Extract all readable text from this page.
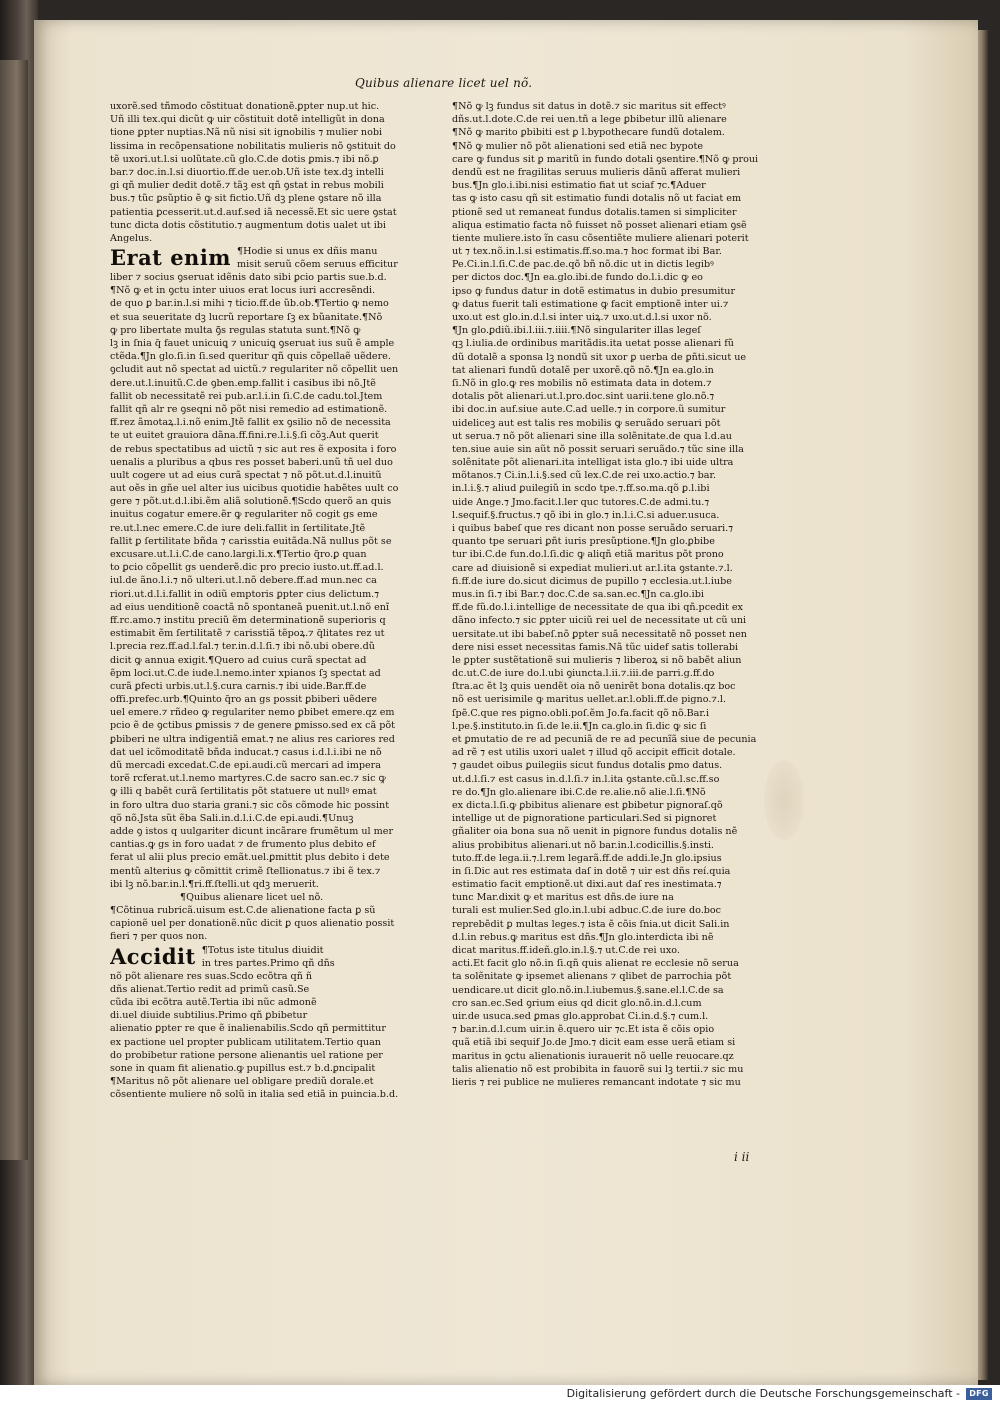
Quibus alienare licet uel nõ.
uxorẽ.sed tñmodo cõstituat donationẽ.ꝑpter nup.ut hic.
Uñ illi tex.qui dicũt ꝙ uir cõstituit dotẽ intelligũt in dona
tione ꝑpter nuptias.Nã nũ nisi sit ignobilis ⁊ mulier nobi
lissima in recõpensatione nobilitatis mulieris nõ ꝯstituit do
tẽ uxori.ut.l.si uolũtate.cũ glo.C.de dotis ꝑmis.⁊ ibi nõ.ꝑ
bar.⁊ doc.in.l.si diuortio.ff.de uer.ob.Uñ iste tex.dꝫ intelli
gi qñ mulier dedit dotẽ.⁊ tãꝫ est qñ ꝯstat in rebus mobili
bus.⁊ tũc ꝑsũptio ẽ ꝙ sit fictio.Uñ dꝫ plene ꝯstare nõ illa
patientia ꝑcesserit.ut.d.auf.sed iã necessẽ.Et sic uere ꝯstat
tunc dicta dotis cõstitutio.⁊ augmentum dotis ualet ut ibi
Angelus.
Erat enim ¶Hodie si unus ex dñis manu
misit seruũ cõem seruus efficitur
liber ⁊ socius ꝯseruat idẽnis dato sibi ꝑcio partis sue.b.d.
¶Nõ ꝙ et in ꝯctu inter uiuos erat locus iuri accresẽndi.
de quo ꝑ bar.in.l.si mihi ⁊ ticio.ff.de ũb.ob.¶Tertio ꝙ nemo
et sua seueritate dꝫ lucrũ reportare ſꝫ ex bũanitate.¶Nõ
ꝙ pro libertate multa ꝯ͂s regulas statuta sunt.¶Nõ ꝙ
lꝫ in ſnia q̃ fauet unicuiꝗ ⁊ unicuiꝗ ꝯseruat ius suũ ẽ ample
ctẽda.¶Jn glo.ſi.in ſi.sed queritur qñ quis cõpellaẽ uẽdere.
ꝯcludit aut nõ spectat ad uictũ.⁊ regulariter nõ cõpellit uen
dere.ut.l.inuitũ.C.de ꝯben.emp.fallit i casibus ibi nõ.Jtẽ
fallit ob necessitatẽ rei pub.ar.l.i.in ſi.C.de cadu.tol.Jtem
fallit qñ alr re ꝯseqni nõ põt nisi remedio ad estimationẽ.
ff.rez ãmotaꝝ.l.i.nõ enim.Jtẽ fallit ex ꝯsilio nõ de necessita
te ut euitet grauiora dãna.ff.fini.re.l.i.§.ſi cõꝫ.Aut querit
de rebus spectatibus ad uictũ ⁊ sic aut res ẽ exposita i foro
uenalis a pluribus a qbus res posset baberi.unũ tñ uel duo
uult cogere ut ad eius curã spectat ⁊ nõ põt.ut.d.l.inuitũ
aut oẽs in gñe uel alter ius uicibus quotidie habẽtes uult co
gere ⁊ põt.ut.d.l.ibi.ẽm aliã solutionẽ.¶Scdo querõ an quis
inuitus cogatur emere.ẽr ꝙ regulariter nõ cogit gs eme
re.ut.l.nec emere.C.de iure deli.fallit in ſertilitate.Jtẽ
fallit ꝑ ſertilitate bñda ⁊ carisstia euitãda.Nã nullus põt se
excusare.ut.l.i.C.de cano.largi.li.x.¶Tertio q̃ro.ꝑ quan
to ꝑcio cõpellit gs uenderẽ.dic pro precio iusto.ut.ff.ad.l.
iul.de ãno.l.i.⁊ nõ ulteri.ut.l.nõ debere.ff.ad mun.nec ca
riori.ut.d.l.i.fallit in odiũ emptoris ꝑpter cius delictum.⁊
ad eius uenditionẽ coactã nõ spontaneã puenit.ut.l.nõ enĩ
ff.rc.amo.⁊ institu preciũ ẽm determinationẽ superioris q
estimabit ẽm ſertilitatẽ ⁊ carisstiã tẽpoꝝ.⁊ q̃litates rez ut
l.precia rez.ff.ad.l.fal.⁊ ter.in.d.l.ſi.⁊ ibi nõ.ubi obere.dũ
dicit ꝙ annua exigit.¶Quero ad cuius curã spectat ad
ẽpm loci.ut.C.de iude.l.nemo.inter xpianos ſꝫ spectat ad
curã ꝑfecti urbis.ut.l.§.cura carnis.⁊ ibi uide.Bar.ff.de
offi.prefec.urb.¶Quinto q̃ro an gs possit ꝑbiberi uẽdere
uel emere.⁊ rñdeo ꝙ regulariter nemo ꝑbibet emere.qz em
pcio ẽ de ꝯctibus ꝑmissis ⁊ de genere ꝑmisso.sed ex cã põt
ꝑbiberi ne ultra indigentiã emat.⁊ ne alius res cariores red
dat uel icõmoditatẽ bñda inducat.⁊ casus i.d.l.i.ibi ne nõ
dũ mercadi excedat.C.de epi.audi.cũ mercari ad impera
torẽ rcferat.ut.l.nemo martyres.C.de sacro san.ec.⁊ sic ꝙ
ꝙ illi q babẽt curã ſertilitatis põt statuere ut nullꝰ emat
in foro ultra duo staria grani.⁊ sic cõs cõmode hic possint
qõ nõ.Jsta sũt ẽba Sali.in.d.l.i.C.de epi.audi.¶Unuꝫ
adde ꝯ istos q uulgariter dicunt incãrare frumẽtum ul mer
cantias.ꝙ gs in foro uadat ⁊ de frumento plus debito ef
ferat ul alii plus precio emãt.uel.ꝑmittit plus debito i dete
mentũ alterius ꝙ cõmittit crimẽ ſtellionatus.⁊ ibi ẽ tex.⁊
ibi lꝫ nõ.bar.in.l.¶ri.ff.ſtelli.ut qdꝫ meruerit.
¶Quibus alienare licet uel nõ.
¶Cõtinua rubricã.uisum est.C.de alienatione facta ꝑ sũ
capionẽ uel per donationẽ.nũc dicit ꝑ quos alienatio possit
fieri ⁊ per quos non.
Accidit ¶Totus iste titulus diuidit
in tres partes.Primo qñ dñs
nõ põt alienare res suas.Scdo ecõtra qñ ñ
dñs alienat.Tertio redit ad primũ casũ.Se
cũda ibi ecõtra autẽ.Tertia ibi nũc admonẽ
di.uel diuide subtilius.Primo qñ ꝑbibetur
alienatio ꝑpter re que ẽ inalienabilis.Scdo qñ permittitur
ex pactione uel propter publicam utilitatem.Tertio quan
do probibetur ratione persone alienantis uel ratione per
sone in quam fit alienatio.ꝙ pupillus est.⁊ b.d.ꝑncipalit
¶Maritus nõ põt alienare uel obligare prediũ dorale.et
cõsentiente muliere nõ solũ in italia sed etiã in puincia.b.d.
¶Nõ ꝙ lꝫ fundus sit datus in dotẽ.⁊ sic maritus sit effectꝰ
dñs.ut.l.dote.C.de rei uen.tñ a lege ꝑbibetur illũ alienare
¶Nõ ꝙ marito ꝑbibiti est ꝑ l.bypothecare fundũ dotalem.
¶Nõ ꝙ mulier nõ põt alienationi sed etiã nec bypote
care ꝙ fundus sit ꝑ maritũ in fundo dotali ꝯsentire.¶Nõ ꝙ proui
dendũ est ne fragilitas seruus mulieris dãnũ afferat mulieri
bus.¶Jn glo.i.ibi.nisi estimatio fiat ut sciaf ⁊c.¶Aduer
tas ꝙ isto casu qñ sit estimatio fundi dotalis nõ ut faciat em
ptionẽ sed ut remaneat fundus dotalis.tamen si simpliciter
aliqua estimatio facta nõ fuisset nõ posset alienari etiam ꝯsẽ
tiente muliere.isto ĩn casu cõsentiẽte muliere alienari poterit
ut ⁊ tex.nõ.in.l.si estimatis.ff.so.ma.⁊ hoc format ibi Bar.
Pe.Ci.in.l.ſi.C.de pac.de.qõ bñ nõ.dic ut in dictis legibꝰ
per dictos doc.¶Jn ea.glo.ibi.de fundo do.l.i.dic ꝙ eo
ipso ꝙ fundus datur in dotẽ estimatus in dubio presumitur
ꝙ datus fuerit tali estimatione ꝙ facit emptionẽ inter ui.⁊
uxo.ut est glo.in.d.l.si inter uiꝝ.⁊ uxo.ut.d.l.si uxor nõ.
¶Jn glo.ꝑdiũ.ibi.l.iii.⁊.iiii.¶Nõ singulariter illas legeſ
qꝫ l.iulia.de ordinibus maritãdis.ita uetat posse alienari fũ
dũ dotalẽ a sponsa lꝫ nondũ sit uxor ꝑ uerba de ꝑñti.sicut ue
tat alienari fundũ dotalẽ per uxorẽ.qõ nõ.¶Jn ea.glo.in
ſi.Nõ in glo.ꝙ res mobilis nõ estimata data in dotem.⁊
dotalis põt alienari.ut.l.pro.doc.sint uarii.tene glo.nõ.⁊
ibi doc.in auf.siue aute.C.ad uelle.⁊ in corpore.ũ sumitur
uideliceꝫ aut est talis res mobilis ꝙ seruãdo seruari põt
ut serua.⁊ nõ põt alienari sine illa solẽnitate.de qua l.d.au
ten.siue auie sin aũt nõ possit seruari seruãdo.⁊ tũc sine illa
solẽnitate põt alienari.ita intelligat ista glo.⁊ ibi uide ultra
mõtanos.⁊ Ci.in.l.i.§.sed cũ lex.C.de rei uxo.actio.⁊ bar.
in.l.i.§.⁊ aliud ꝑuilegiũ in scdo tpe.⁊.ff.so.ma.qõ ꝑ.l.ibi
uide Ange.⁊ Jmo.facit.l.ler quc tutores.C.de admi.tu.⁊
l.sequif.§.fructus.⁊ qõ ibi in glo.⁊ in.l.i.C.si aduer.usuca.
i quibus babeſ que res dicant non posse seruãdo seruari.⁊
quanto tpe seruari ꝑñt iuris presũptione.¶Jn glo.ꝑbibe
tur ibi.C.de fun.do.l.ſi.dic ꝙ aliqñ etiã maritus põt prono
care ad diuisionẽ si expediat mulieri.ut ar.l.ita ꝯstante.⁊.l.
fi.ff.de iure do.sicut dicimus de pupillo ⁊ ecclesia.ut.l.iube
mus.in ſi.⁊ ibi Bar.⁊ doc.C.de sa.san.ec.¶Jn ca.glo.ibi
ff.de fũ.do.l.i.intellige de necessitate de qua ibi qñ.pcedit ex
dãno infecto.⁊ sic ꝑpter uiciũ rei uel de necessitate ut cũ uni
uersitate.ut ibi babeſ.nõ ꝑpter suã necessitatẽ nõ posset nen
dere nisi esset necessitas famis.Nã tũc uidef satis tollerabi
le ꝑpter sustẽtationẽ sui mulieris ⁊ liberoꝝ si nõ babẽt aliun
dc.ut.C.de iure do.l.ubi ꝯiuncta.l.ii.⁊.iii.de parri.g.ff.do
ſtra.ac ẽt lꝫ quis uendẽt oia nõ uenirẽt bona dotalis.qz boc
nõ est uerisimile ꝙ maritus uellet.ar.l.obli.ff.de pigno.⁊.l.
ſpẽ.C.que res pigno.obli.poſ.ẽm Jo.fa.facit qõ nõ.Bar.i
l.pe.§.instituto.in ſi.de le.ii.¶Jn ca.glo.in ſi.dic ꝙ sic ſi
et ꝑmutatio de re ad pecuniã de re ad pecunĩã siue de pecunia
ad rẽ ⁊ est utilis uxori ualet ⁊ illud qõ accipit efficit dotale.
⁊ gaudet oibus ꝑuilegiis sicut fundus dotalis ꝑmo datus.
ut.d.l.ſi.⁊ est casus in.d.l.ſi.⁊ in.l.ita ꝯstante.cũ.l.sc.ff.so
re do.¶Jn glo.alienare ibi.C.de re.alie.nõ alie.l.ſi.¶Nõ
ex dicta.l.ſi.ꝙ ꝑbibitus alienare est ꝑbibetur pignoraſ.qõ
intellige ut de pignoratione particulari.Sed si pignoret
gñaliter oia bona sua nõ uenit in pignore fundus dotalis nẽ
alius probibitus alienari.ut nõ bar.in.l.codicillis.§.insti.
tuto.ff.de lega.ii.⁊.l.rem legarã.ff.de addi.le.Jn glo.ipsius
in ſi.Dic aut res estimata daſ in dotẽ ⁊ uir est dñs reí.quia
estimatio facit emptionẽ.ut dixi.aut daſ res inestimata.⁊
tunc Mar.dixit ꝙ et maritus est dñs.de iure na
turali est mulier.Sed glo.in.l.ubi adbuc.C.de iure do.boc
reprebẽdit ꝑ multas leges.⁊ ista ẽ cõis ſnia.ut dicit Sali.in
d.l.in rebus.ꝙ maritus est dñs.¶Jn glo.interdicta ibi nẽ
dicat maritus.ff.ideñ.glo.in.l.§.⁊ ut.C.de rei uxo.
acti.Et facit glo nõ.in ſi.qñ quis alienat re ecclesie nõ serua
ta solẽnitate ꝙ ipsemet alienans ⁊ qlibet de parrochia põt
uendicare.ut dicit glo.nõ.in.l.iubemus.§.sane.el.l.C.de sa
cro san.ec.Sed ꝯrium eius qd dicit glo.nõ.in.d.l.cum
uir.de usuca.sed ꝑmas glo.approbat Ci.in.d.§.⁊ cum.l.
⁊ bar.in.d.l.cum uir.in ẽ.quero uir ⁊c.Et ista ẽ cõis opio
quã etiã ibi sequif Jo.de Jmo.⁊ dicit eam esse uerã etiam si
maritus in ꝯctu alienationis iurauerit nõ uelle reuocare.qz
talis alienatio nõ est probibita in fauorẽ sui lꝫ tertii.⁊ sic mu
lieris ⁊ rei publice ne mulieres remancant indotate ⁊ sic mu
i ii
Digitalisierung gefördert durch die Deutsche Forschungsgemeinschaft -	DFG
